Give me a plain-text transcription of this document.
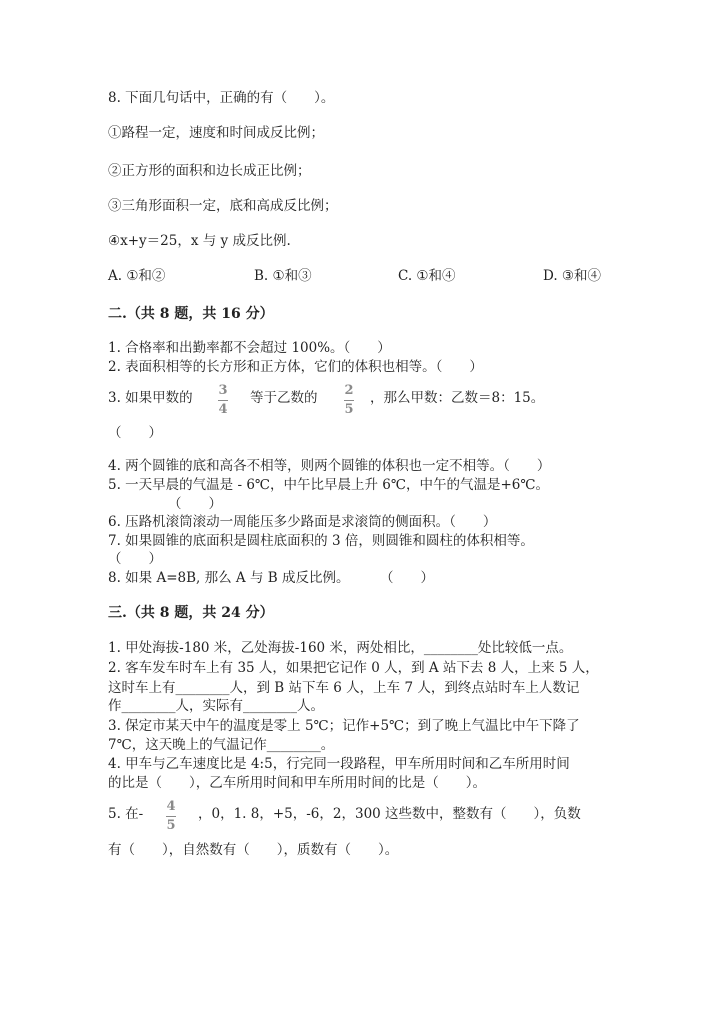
8. 下面几句话中，正确的有（　　）。
①路程一定，速度和时间成反比例；
②正方形的面积和边长成正比例；
③三角形面积一定，底和高成反比例；
④x+y＝25，x 与 y 成反比例.
A. ①和②	B. ①和③	C. ①和④	D. ③和④
二.（共 8 题，共 16 分）
1. 合格率和出勤率都不会超过 100%。（　　）
2. 表面积相等的长方形和正方体，它们的体积也相等。（　　）
3. 如果甲数的 3
4
等于乙数的 2
5
，那么甲数：乙数＝8：15。
（　　）
4. 两个圆锥的底和高各不相等，则两个圆锥的体积也一定不相等。（　　）
5. 一天早晨的气温是 - 6℃，中午比早晨上升 6℃，中午的气温是+6℃。
（　　）
6. 压路机滚筒滚动一周能压多少路面是求滚筒的侧面积。（　　）
7. 如果圆锥的底面积是圆柱底面积的 3 倍，则圆锥和圆柱的体积相等。
（　　）
8. 如果 A=8B, 那么 A 与 B 成反比例。 （　　）
三.（共 8 题，共 24 分）
1. 甲处海拔-180 米，乙处海拔-160 米，两处相比，________处比较低一点。
2. 客车发车时车上有 35 人，如果把它记作 0 人，到 A 站下去 8 人，上来 5 人，
这时车上有________人，到 B 站下车 6 人，上车 7 人，到终点站时车上人数记
作________人，实际有________人。
3. 保定市某天中午的温度是零上 5℃；记作+5℃；到了晚上气温比中午下降了
7℃，这天晚上的气温记作________。
4. 甲车与乙车速度比是 4:5，行完同一段路程，甲车所用时间和乙车所用时间
的比是（　　），乙车所用时间和甲车所用时间的比是（　　）。
5. 在- 4
5
，0，1. 8，+5，-6，2，300 这些数中，整数有（　　），负数
有（　　），自然数有（　　），质数有（　　）。
